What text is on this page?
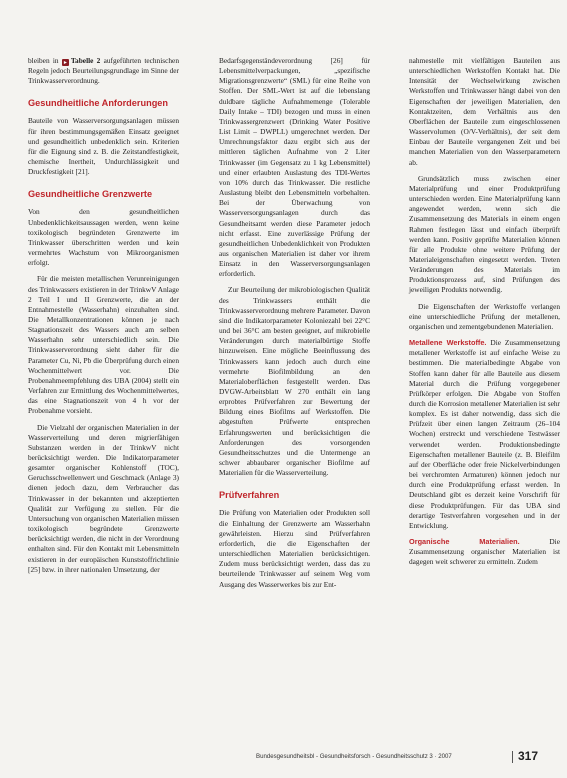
bleiben in ▸ Tabelle 2 aufgeführten technischen Regeln jedoch Beurteilungsgrundlage im Sinne der Trinkwasserverordnung.

Gesundheitliche Anforderungen

Bauteile von Wasserversorgungsanlagen müssen für ihren bestimmungsgemäßen Einsatz geeignet und gesundheitlich unbedenklich sein. Kriterien für die Eignung sind z. B. die Zeitstandfestigkeit, chemische Inertheit, Undurchlässigkeit und Druckfestigkeit [21].

Gesundheitliche Grenzwerte

Von den gesundheitlichen Unbedenklichkeitsaussagen werden, wenn keine toxikologisch begründeten Grenzwerte im Trinkwasser überschritten werden und kein vermehrtes Wachstum von Mikroorganismen erfolgt.

Für die meisten metallischen Verunreinigungen des Trinkwassers existieren in der TrinkwV Anlage 2 Teil I und II Grenzwerte, die an der Entnahmestelle (Wasserhahn) einzuhalten sind. Die Metallkonzentrationen können je nach Stagnationszeit des Wassers auch am selben Wasserhahn sehr unterschiedlich sein. Die Trinkwasserverordnung sieht daher für die Parameter Cu, Ni, Pb die Überprüfung durch einen Wochenmittelwert vor. Die Probenahmeempfehlung des UBA (2004) stellt ein Verfahren zur Ermittlung des Wochenmittelwertes, das eine Stagnationszeit von 4 h vor der Probenahme vorsieht.

Die Vielzahl der organischen Materialien in der Wasserverteilung und deren migrierfähigen Substanzen werden in der TrinkwV nicht berücksichtigt werden. Die Indikatorparameter gesamter organischer Kohlenstoff (TOC), Geruchsschwellenwert und Geschmack (Anlage 3) dienen jedoch dazu, dem Verbraucher das Trinkwasser in der bekannten und akzeptierten Qualität zur Verfügung zu stellen. Für die Untersuchung von organischen Materialien müssen toxikologisch begründete Grenzwerte berücksichtigt werden, die nicht in der Verordnung enthalten sind. Für den Kontakt mit Lebensmitteln existieren in der europäischen Kunststoffrichtlinie [25] bzw. in ihrer nationalen Umsetzung, der

Bedarfsgegenständeverordnung [26] für Lebensmittelverpackungen, „spezifische Migrationsgrenzwerte“ (SML) für eine Reihe von Stoffen. Der SML-Wert ist auf die lebenslang duldbare tägliche Aufnahmemenge (Tolerable Daily Intake – TDI) bezogen und muss in einen Trinkwassergrenzwert (Drinking Water Positive List Limit – DWPLL) umgerechnet werden. Der Umrechnungsfaktor dazu ergibt sich aus der mittleren täglichen Aufnahme von 2 Liter Trinkwasser (im Gegensatz zu 1 kg Lebensmittel) und einer erlaubten Auslastung des TDI-Wertes von 10% durch das Trinkwasser. Die restliche Auslastung bleibt den Lebensmitteln vorbehalten. Bei der Überwachung von Wasserversorgungsanlagen durch das Gesundheitsamt werden diese Parameter jedoch nicht erfasst. Eine zuverlässige Prüfung der gesundheitlichen Unbedenklichkeit von Produkten aus organischen Materialien ist daher vor ihrem Einsatz in den Wasserversorgungsanlagen erforderlich.

Zur Beurteilung der mikrobiologischen Qualität des Trinkwassers enthält die Trinkwasserverordnung mehrere Parameter. Davon sind die Indikatorparameter Koloniezahl bei 22°C und bei 36°C am besten geeignet, auf mikrobielle Veränderungen durch materialbürtige Stoffe hinzuweisen. Eine mögliche Beeinflussung des Trinkwassers kann jedoch auch durch eine vermehrte Biofilmbildung an den Materialoberflächen festgestellt werden. Das DVGW-Arbeitsblatt W 270 enthält ein lang erprobtes Prüfverfahren zur Bewertung der Bildung eines Biofilms auf Werkstoffen. Die abgestuften Prüfwerte entsprechen Erfahrungswerten und berücksichtigen die Anforderungen des vorsorgenden Gesundheitsschutzes und die Untermenge an schwer abbaubarer organischer Biofilme auf Materialien für die Wasserverteilung.

Prüfverfahren

Die Prüfung von Materialien oder Produkten soll die Einhaltung der Grenzwerte am Wasserhahn gewährleisten. Hierzu sind Prüfverfahren erforderlich, die die Eigenschaften der unterschiedlichen Materialien berücksichtigen. Zudem muss berücksichtigt werden, dass das zu beurteilende Trinkwasser auf seinem Weg vom Ausgang des Wasserwerkes bis zur Ent-

nahmestelle mit vielfältigen Bauteilen aus unterschiedlichen Werkstoffen Kontakt hat. Die Intensität der Wechselwirkung zwischen Werkstoffen und Trinkwasser hängt dabei von den Eigenschaften der jeweiligen Materialien, den Kontaktzeiten, dem Verhältnis aus den Oberflächen der Bauteile zum eingeschlossenen Wasservolumen (O/V-Verhältnis), der seit dem Einbau der Bauteile vergangenen Zeit und bei manchen Materialien von den Wasserparametern ab.

Grundsätzlich muss zwischen einer Materialprüfung und einer Produktprüfung unterschieden werden. Eine Materialprüfung kann angewendet werden, wenn sich die Zusammensetzung des Materials in einem engen Rahmen festlegen lässt und einfach überprüft werden kann. Positiv geprüfte Materialien können für alle Produkte ohne weitere Prüfung der Materialeigenschaften eingesetzt werden. Treten Veränderungen des Materials im Produktionsprozess auf, sind Prüfungen des jeweiligen Produkts notwendig.

Die Eigenschaften der Werkstoffe verlangen eine unterschiedliche Prüfung der metallenen, organischen und zementgebundenen Materialien.

Metallene Werkstoffe. Die Zusammensetzung metallener Werkstoffe ist auf einfache Weise zu bestimmen. Die materialbedingte Abgabe von Stoffen kann daher für alle Bauteile aus diesem Material durch die Prüfung vorgegebener Prüfkörper erfolgen. Die Abgabe von Stoffen durch die Korrosion metallener Materialien ist sehr komplex. Es ist daher notwendig, dass sich die Prüfzeit über einen langen Zeitraum (26–104 Wochen) erstreckt und verschiedene Testwässer verwendet werden. Produktionsbedingte Eigenschaften metallener Bauteile (z. B. Bleifilm auf der Oberfläche oder freie Nickelverbindungen bei verchromten Armaturen) können jedoch nur durch eine Produktprüfung erfasst werden. In Deutschland gibt es derzeit keine Vorschrift für diese Produktprüfungen. Für das UBA sind derartige Testverfahren vorgesehen und in der Entwicklung.

Organische Materialien. Die Zusammensetzung organischer Materialien ist dagegen weit schwerer zu ermitteln. Zudem

Bundesgesundheitsbl - Gesundheitsforsch - Gesundheitsschutz 3 · 2007	317
